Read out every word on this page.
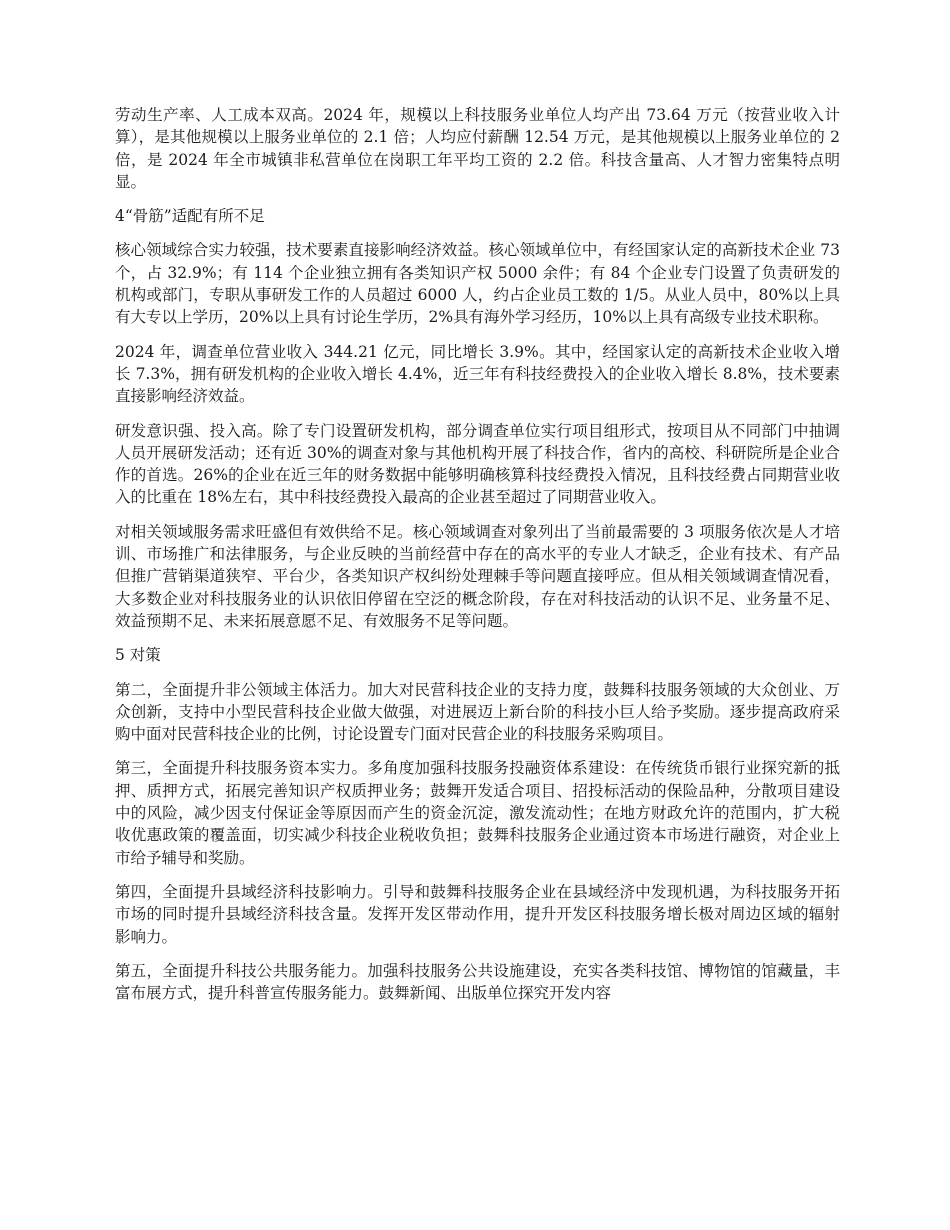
劳动生产率、人工成本双高。2024 年，规模以上科技服务业单位人均产出 73.64 万元（按营业收入计算），是其他规模以上服务业单位的 2.1 倍；人均应付薪酬 12.54 万元，是其他规模以上服务业单位的 2 倍，是 2024 年全市城镇非私营单位在岗职工年平均工资的 2.2 倍。科技含量高、人才智力密集特点明显。

4“骨筋”适配有所不足

核心领域综合实力较强，技术要素直接影响经济效益。核心领域单位中，有经国家认定的高新技术企业 73 个，占 32.9%；有 114 个企业独立拥有各类知识产权 5000 余件；有 84 个企业专门设置了负责研发的机构或部门，专职从事研发工作的人员超过 6000 人，约占企业员工数的 1/5。从业人员中，80%以上具有大专以上学历，20%以上具有讨论生学历，2%具有海外学习经历，10%以上具有高级专业技术职称。

2024 年，调查单位营业收入 344.21 亿元，同比增长 3.9%。其中，经国家认定的高新技术企业收入增长 7.3%，拥有研发机构的企业收入增长 4.4%，近三年有科技经费投入的企业收入增长 8.8%，技术要素直接影响经济效益。

研发意识强、投入高。除了专门设置研发机构，部分调查单位实行项目组形式，按项目从不同部门中抽调人员开展研发活动；还有近 30%的调查对象与其他机构开展了科技合作，省内的高校、科研院所是企业合作的首选。26%的企业在近三年的财务数据中能够明确核算科技经费投入情况，且科技经费占同期营业收入的比重在 18%左右，其中科技经费投入最高的企业甚至超过了同期营业收入。

对相关领域服务需求旺盛但有效供给不足。核心领域调查对象列出了当前最需要的 3 项服务依次是人才培训、市场推广和法律服务，与企业反映的当前经营中存在的高水平的专业人才缺乏，企业有技术、有产品但推广营销渠道狭窄、平台少，各类知识产权纠纷处理棘手等问题直接呼应。但从相关领域调查情况看，大多数企业对科技服务业的认识依旧停留在空泛的概念阶段，存在对科技活动的认识不足、业务量不足、效益预期不足、未来拓展意愿不足、有效服务不足等问题。

5 对策

第二，全面提升非公领域主体活力。加大对民营科技企业的支持力度，鼓舞科技服务领域的大众创业、万众创新，支持中小型民营科技企业做大做强，对进展迈上新台阶的科技小巨人给予奖励。逐步提高政府采购中面对民营科技企业的比例，讨论设置专门面对民营企业的科技服务采购项目。

第三，全面提升科技服务资本实力。多角度加强科技服务投融资体系建设：在传统货币银行业探究新的抵押、质押方式，拓展完善知识产权质押业务；鼓舞开发适合项目、招投标活动的保险品种，分散项目建设中的风险，减少因支付保证金等原因而产生的资金沉淀，激发流动性；在地方财政允许的范围内，扩大税收优惠政策的覆盖面，切实减少科技企业税收负担；鼓舞科技服务企业通过资本市场进行融资，对企业上市给予辅导和奖励。

第四，全面提升县域经济科技影响力。引导和鼓舞科技服务企业在县域经济中发现机遇，为科技服务开拓市场的同时提升县域经济科技含量。发挥开发区带动作用，提升开发区科技服务增长极对周边区域的辐射影响力。

第五，全面提升科技公共服务能力。加强科技服务公共设施建设，充实各类科技馆、博物馆的馆藏量，丰富布展方式，提升科普宣传服务能力。鼓舞新闻、出版单位探究开发内容
